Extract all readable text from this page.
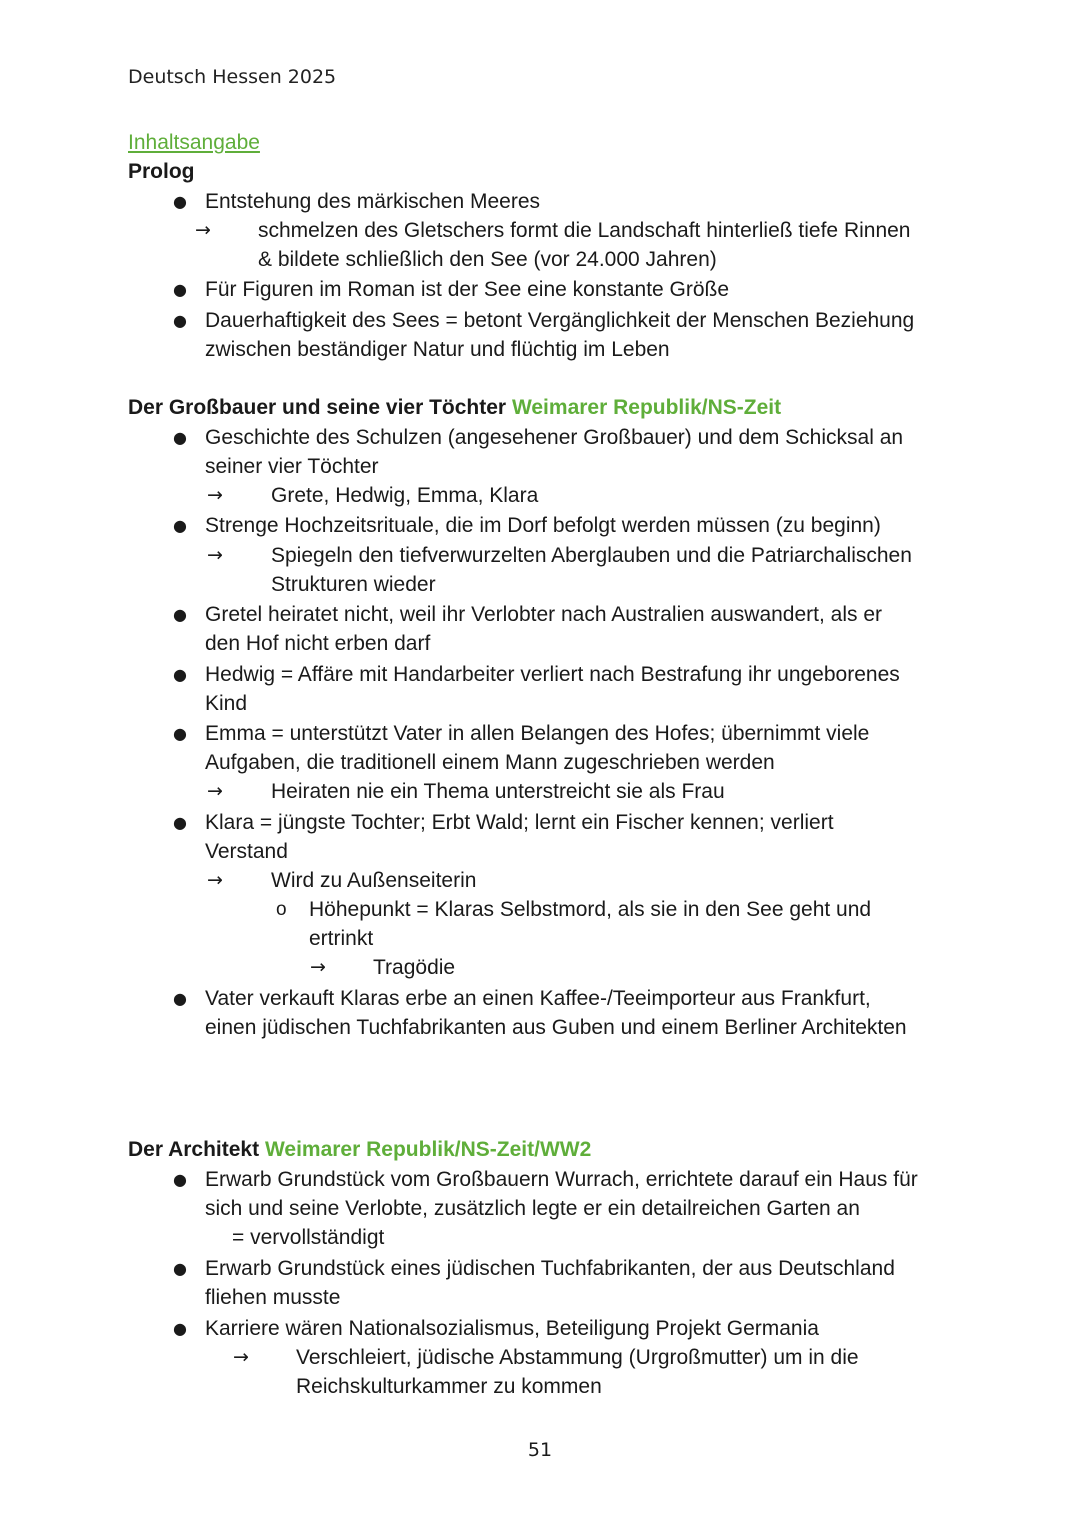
Deutsch Hessen 2025
Inhaltsangabe
Prolog
● Entstehung des märkischen Meeres
→ schmelzen des Gletschers formt die Landschaft hinterließ tiefe Rinnen
& bildete schließlich den See (vor 24.000 Jahren)
● Für Figuren im Roman ist der See eine konstante Größe
● Dauerhaftigkeit des Sees = betont Vergänglichkeit der Menschen Beziehung
zwischen beständiger Natur und flüchtig im Leben
Der Großbauer und seine vier Töchter Weimarer Republik/NS-Zeit
● Geschichte des Schulzen (angesehener Großbauer) und dem Schicksal an
seiner vier Töchter
→ Grete, Hedwig, Emma, Klara
● Strenge Hochzeitsrituale, die im Dorf befolgt werden müssen (zu beginn)
→ Spiegeln den tiefverwurzelten Aberglauben und die Patriarchalischen
Strukturen wieder
● Gretel heiratet nicht, weil ihr Verlobter nach Australien auswandert, als er
den Hof nicht erben darf
● Hedwig = Affäre mit Handarbeiter verliert nach Bestrafung ihr ungeborenes
Kind
● Emma = unterstützt Vater in allen Belangen des Hofes; übernimmt viele
Aufgaben, die traditionell einem Mann zugeschrieben werden
→ Heiraten nie ein Thema unterstreicht sie als Frau
● Klara = jüngste Tochter; Erbt Wald; lernt ein Fischer kennen; verliert
Verstand
→ Wird zu Außenseiterin
o Höhepunkt = Klaras Selbstmord, als sie in den See geht und
ertrinkt
→ Tragödie
● Vater verkauft Klaras erbe an einen Kaffee-/Teeimporteur aus Frankfurt,
einen jüdischen Tuchfabrikanten aus Guben und einem Berliner Architekten
Der Architekt Weimarer Republik/NS-Zeit/WW2
● Erwarb Grundstück vom Großbauern Wurrach, errichtete darauf ein Haus für
sich und seine Verlobte, zusätzlich legte er ein detailreichen Garten an
= vervollständigt
● Erwarb Grundstück eines jüdischen Tuchfabrikanten, der aus Deutschland
fliehen musste
● Karriere wären Nationalsozialismus, Beteiligung Projekt Germania
→ Verschleiert, jüdische Abstammung (Urgroßmutter) um in die
Reichskulturkammer zu kommen
51
